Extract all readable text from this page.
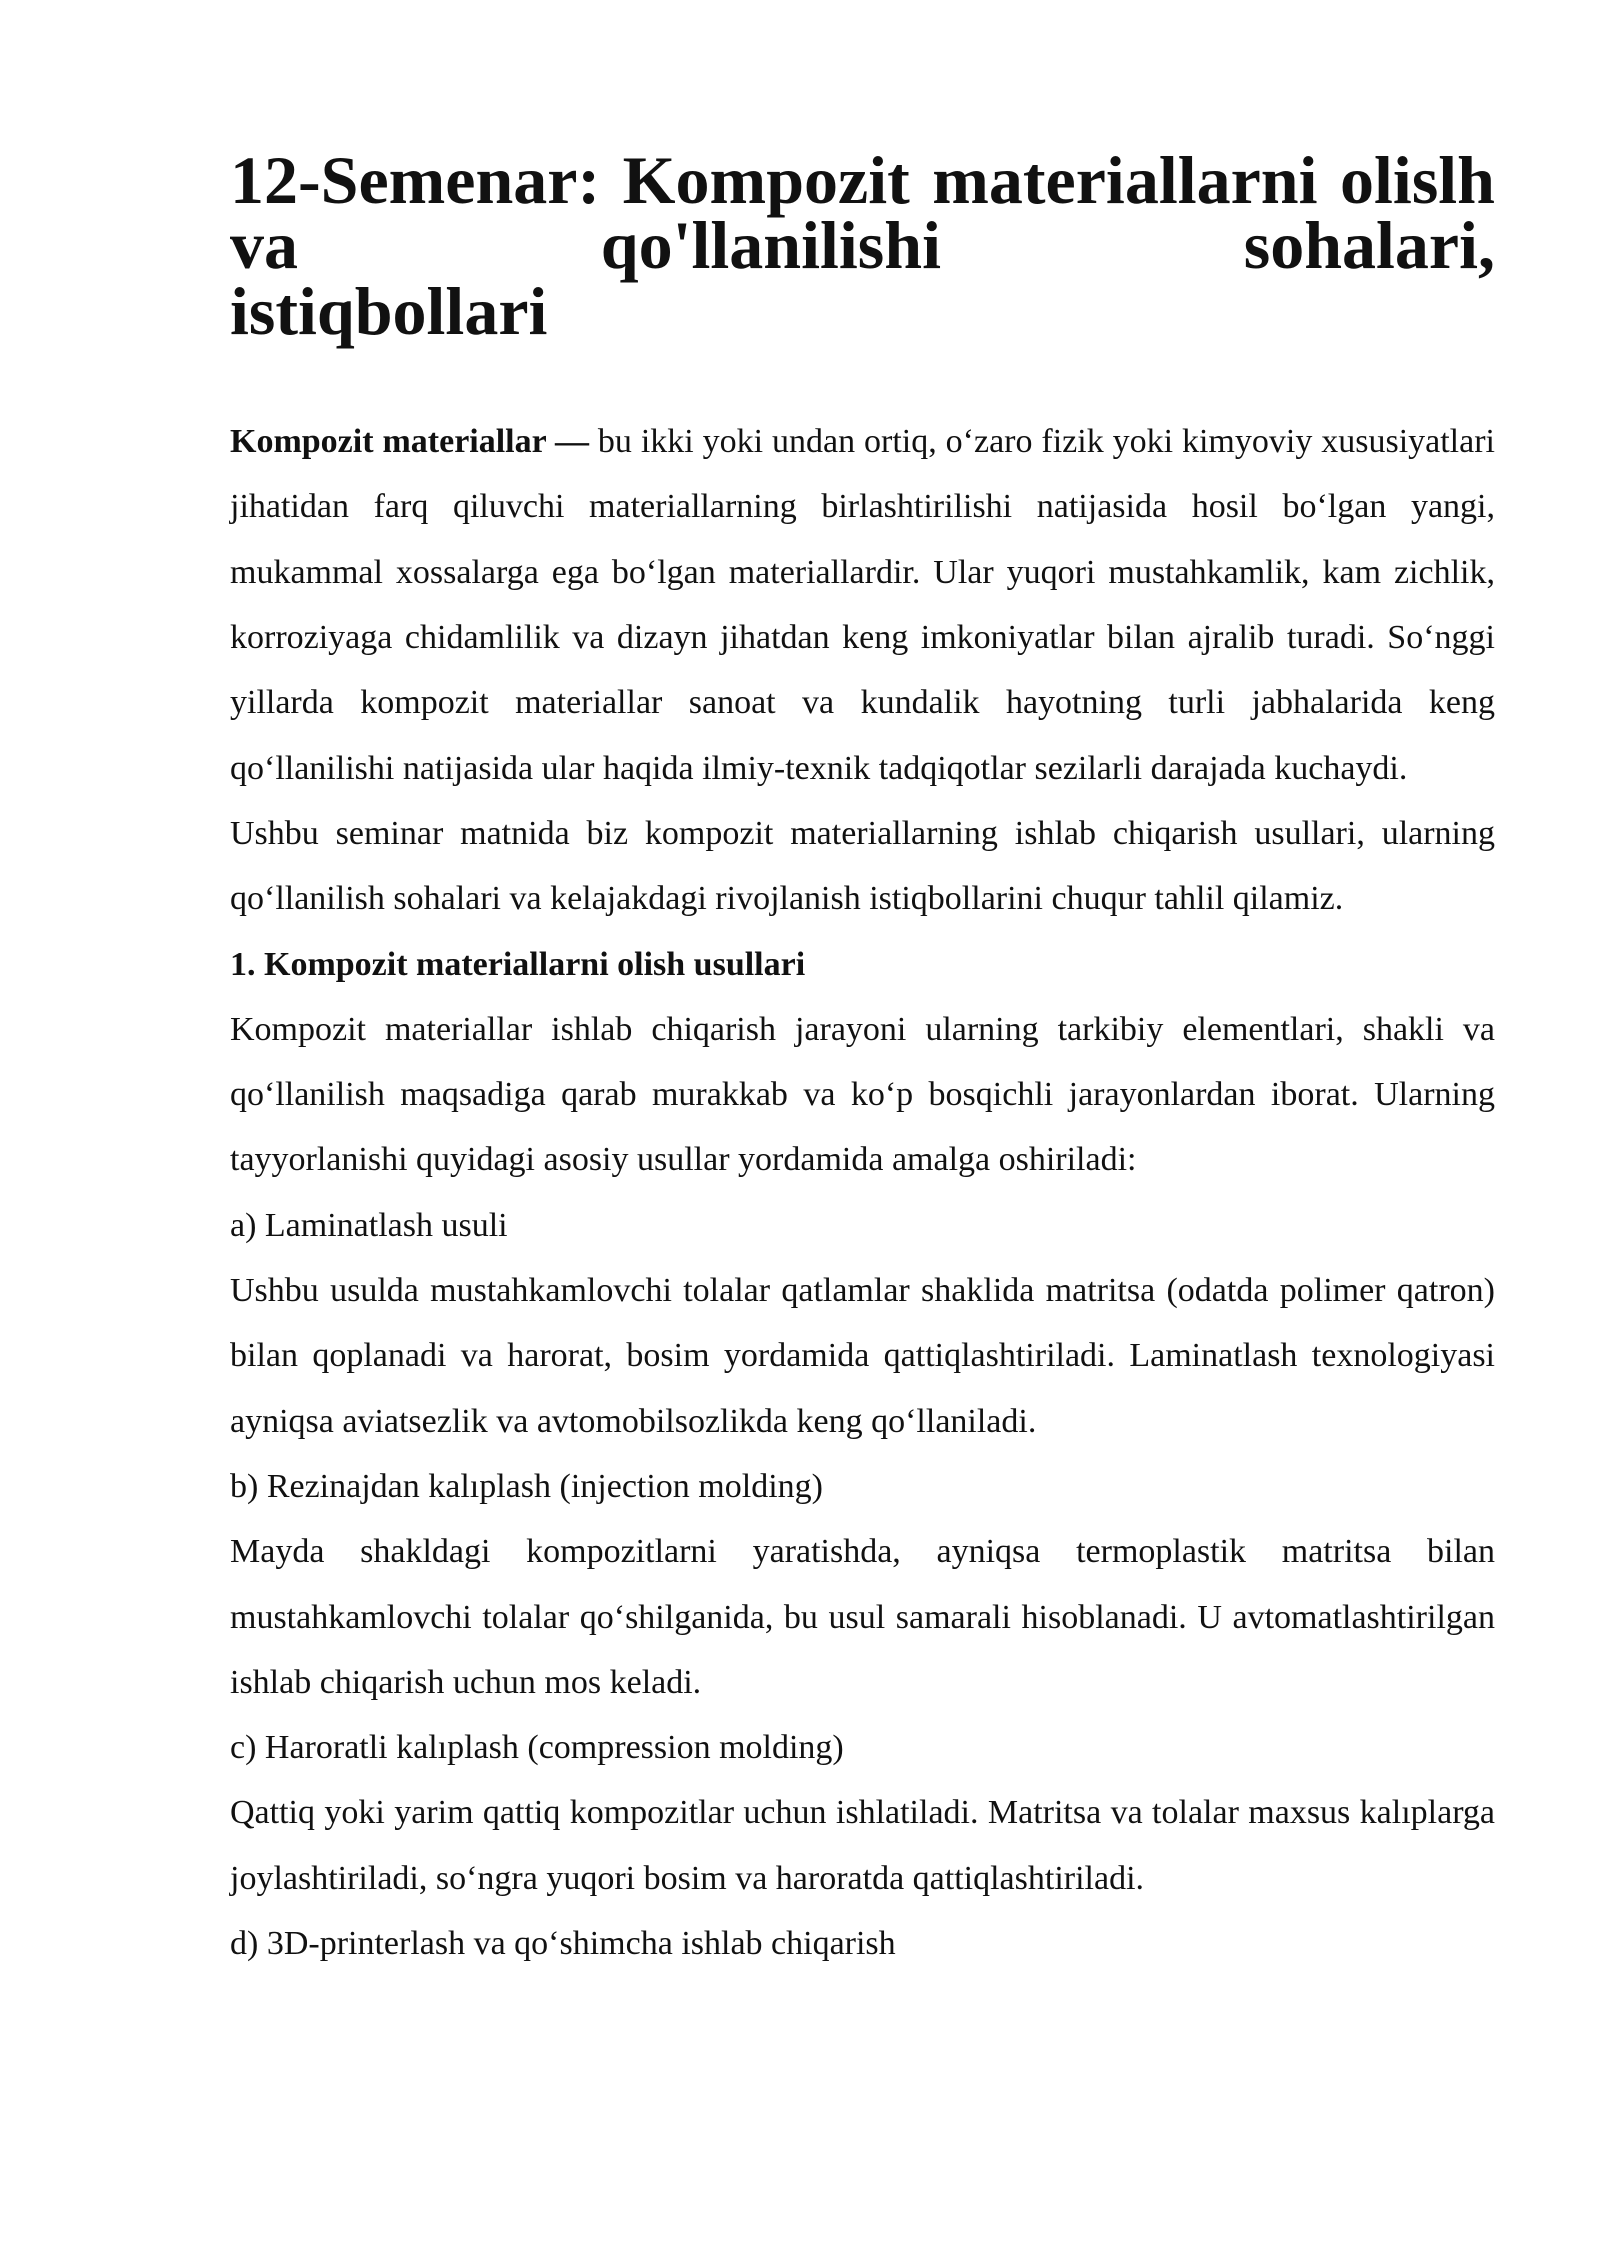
12-Semenar: Kompozit materiallarni olislh va qo'llanilishi sohalari,
istiqbollari

Kompozit materiallar — bu ikki yoki undan ortiq, o‘zaro fizik yoki kimyoviy xususiyatlari jihatidan farq qiluvchi materiallarning birlashtirilishi natijasida hosil bo‘lgan yangi, mukammal xossalarga ega bo‘lgan materiallardir. Ular yuqori mustahkamlik, kam zichlik, korroziyaga chidamlilik va dizayn jihatdan keng imkoniyatlar bilan ajralib turadi. So‘nggi yillarda kompozit materiallar sanoat va kundalik hayotning turli jabhalarida keng qo‘llanilishi natijasida ular haqida ilmiy-texnik tadqiqotlar sezilarli darajada kuchaydi.

Ushbu seminar matnida biz kompozit materiallarning ishlab chiqarish usullari, ularning qo‘llanilish sohalari va kelajakdagi rivojlanish istiqbollarini chuqur tahlil qilamiz.

1. Kompozit materiallarni olish usullari

Kompozit materiallar ishlab chiqarish jarayoni ularning tarkibiy elementlari, shakli va qo‘llanilish maqsadiga qarab murakkab va ko‘p bosqichli jarayonlardan iborat. Ularning tayyorlanishi quyidagi asosiy usullar yordamida amalga oshiriladi:

a) Laminatlash usuli

Ushbu usulda mustahkamlovchi tolalar qatlamlar shaklida matritsa (odatda polimer qatron) bilan qoplanadi va harorat, bosim yordamida qattiqlashtiriladi. Laminatlash texnologiyasi ayniqsa aviatsezlik va avtomobilsozlikda keng qo‘llaniladi.

b) Rezinajdan kalıplash (injection molding)

Mayda shakldagi kompozitlarni yaratishda, ayniqsa termoplastik matritsa bilan mustahkamlovchi tolalar qo‘shilganida, bu usul samarali hisoblanadi. U avtomatlashtirilgan ishlab chiqarish uchun mos keladi.

c) Haroratli kalıplash (compression molding)

Qattiq yoki yarim qattiq kompozitlar uchun ishlatiladi. Matritsa va tolalar maxsus kalıplarga joylashtiriladi, so‘ngra yuqori bosim va haroratda qattiqlashtiriladi.

d) 3D-printerlash va qo‘shimcha ishlab chiqarish
